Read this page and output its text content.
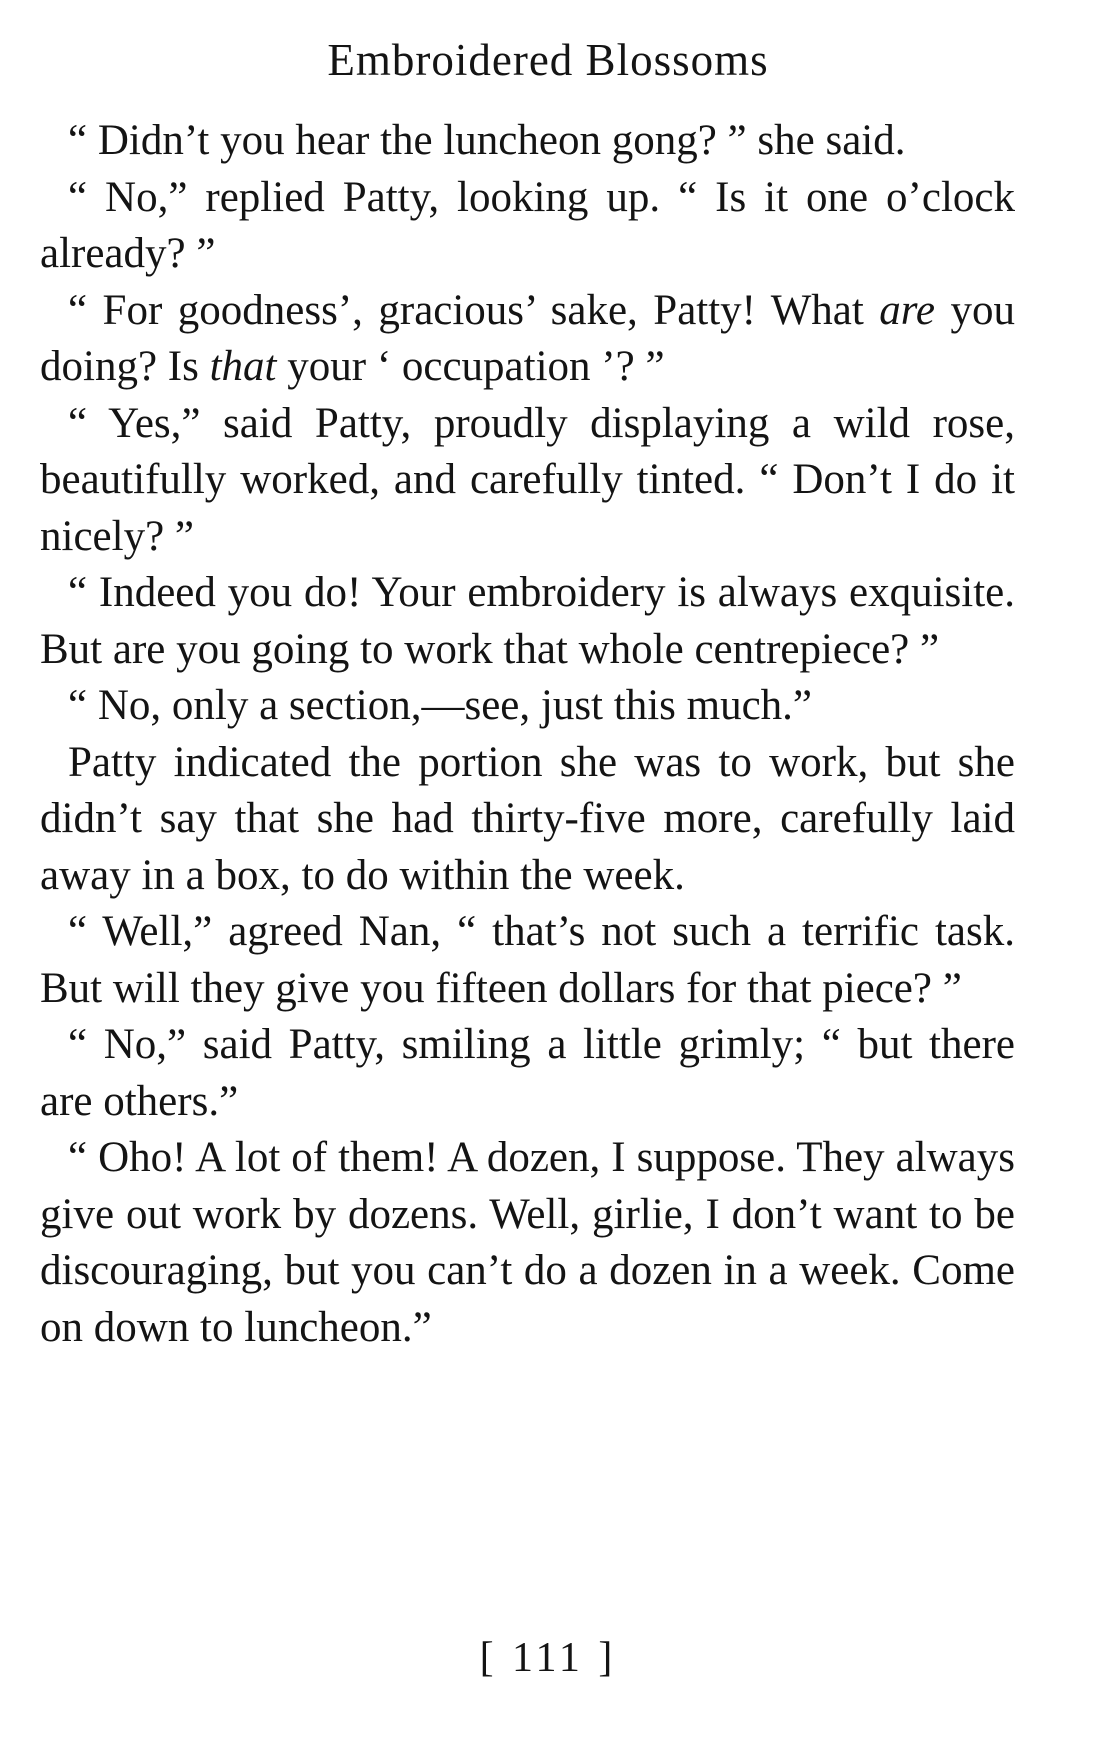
Embroidered Blossoms

“ Didn’t you hear the luncheon gong? ” she said.

“ No,” replied Patty, looking up. “ Is it one o’clock already? ”

“ For goodness’, gracious’ sake, Patty! What are you doing? Is that your ‘ occupation ’? ”

“ Yes,” said Patty, proudly displaying a wild rose, beautifully worked, and carefully tinted. “ Don’t I do it nicely? ”

“ Indeed you do! Your embroidery is always exquisite. But are you going to work that whole centrepiece? ”

“ No, only a section,—see, just this much.”

Patty indicated the portion she was to work, but she didn’t say that she had thirty-five more, carefully laid away in a box, to do within the week.

“ Well,” agreed Nan, “ that’s not such a terrific task. But will they give you fifteen dollars for that piece? ”

“ No,” said Patty, smiling a little grimly; “ but there are others.”

“ Oho! A lot of them! A dozen, I suppose. They always give out work by dozens. Well, girlie, I don’t want to be discouraging, but you can’t do a dozen in a week. Come on down to luncheon.”

[ 111 ]
